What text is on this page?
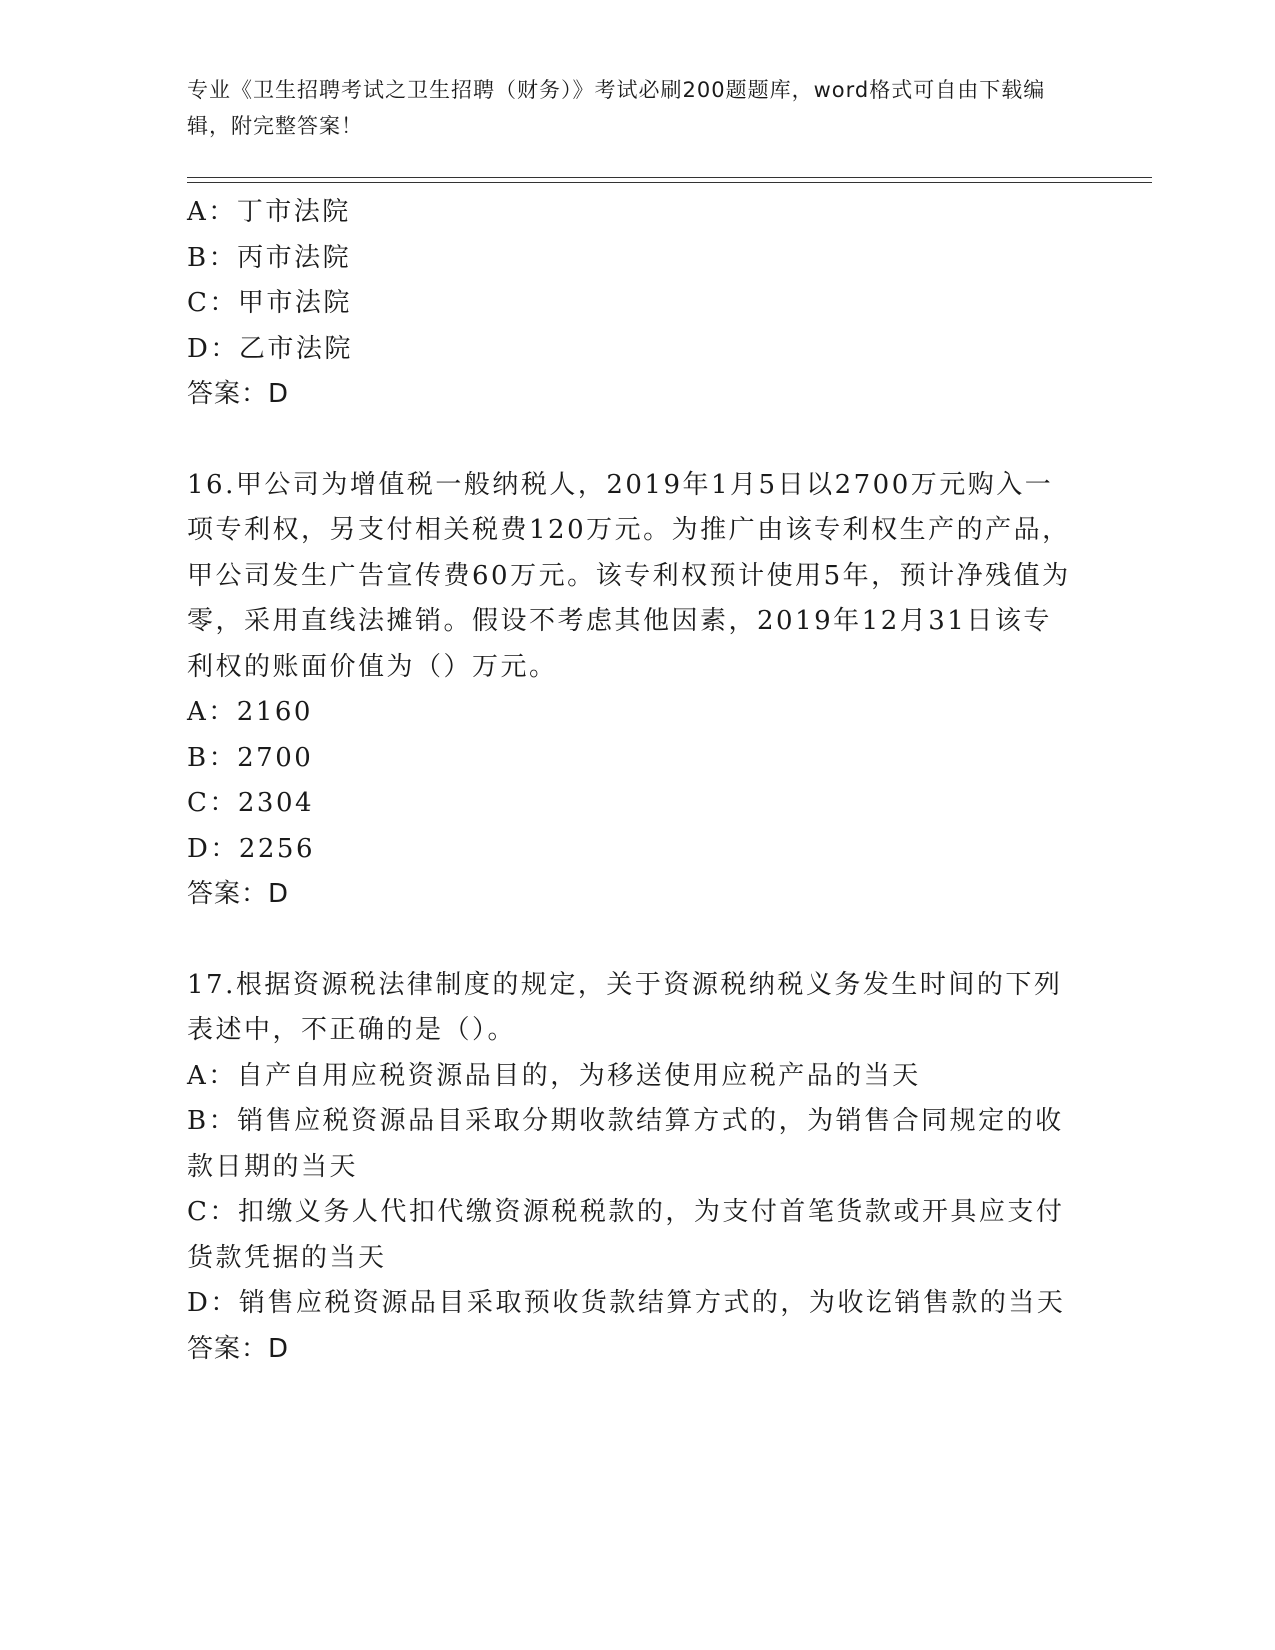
专业《卫生招聘考试之卫生招聘（财务）》考试必刷200题题库，word格式可自由下载编辑，附完整答案！
A：丁市法院
B：丙市法院
C：甲市法院
D：乙市法院
答案：D
16.甲公司为增值税一般纳税人，2019年1月5日以2700万元购入一项专利权，另支付相关税费120万元。为推广由该专利权生产的产品，甲公司发生广告宣传费60万元。该专利权预计使用5年，预计净残值为零，采用直线法摊销。假设不考虑其他因素，2019年12月31日该专利权的账面价值为（）万元。
A：2160
B：2700
C：2304
D：2256
答案：D
17.根据资源税法律制度的规定，关于资源税纳税义务发生时间的下列表述中，不正确的是（）。
A：自产自用应税资源品目的，为移送使用应税产品的当天
B：销售应税资源品目采取分期收款结算方式的，为销售合同规定的收款日期的当天
C：扣缴义务人代扣代缴资源税税款的，为支付首笔货款或开具应支付货款凭据的当天
D：销售应税资源品目采取预收货款结算方式的，为收讫销售款的当天
答案：D
